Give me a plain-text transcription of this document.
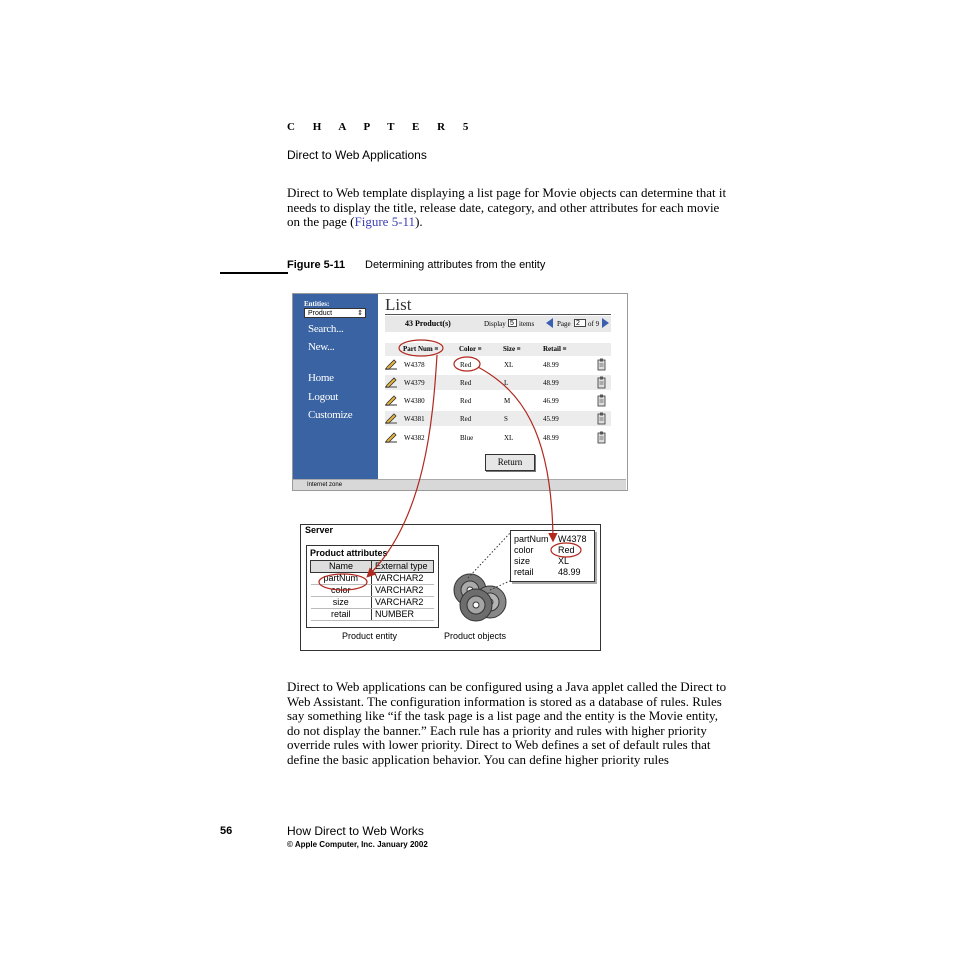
C H A P T E R 5
Direct to Web Applications
Direct to Web template displaying a list page for Movie objects can determine that it needs to display the title, release date, category, and other attributes for each movie on the page (Figure 5-11).
Figure 5-11 Determining attributes from the entity
Entities:
Product	⇕
Search...
New...
Home
Logout
Customize
List
43 Product(s)	Display 5 items	Page 2	of 9
Part Num ≡	Color ≡	Size ≡	Retail ≡
W4378	Red	XL	48.99
W4379	Red	L	48.99
W4380	Red	M	46.99
W4381	Red	S	45.99
W4382	Blue	XL	48.99
Return
Internet zone
Server
Product attributes
Name	External type
partNum	VARCHAR2
color	VARCHAR2
size	VARCHAR2
retail	NUMBER
Product entity	Product objects
partNum W4378
color	Red
size	XL
retail	48.99
Direct to Web applications can be configured using a Java applet called the Direct to Web Assistant. The configuration information is stored as a database of rules. Rules say something like “if the task page is a list page and the entity is the Movie entity, do not display the banner.” Each rule has a priority and rules with higher priority override rules with lower priority. Direct to Web defines a set of default rules that define the basic application behavior. You can define higher priority rules
56	How Direct to Web Works
© Apple Computer, Inc. January 2002
